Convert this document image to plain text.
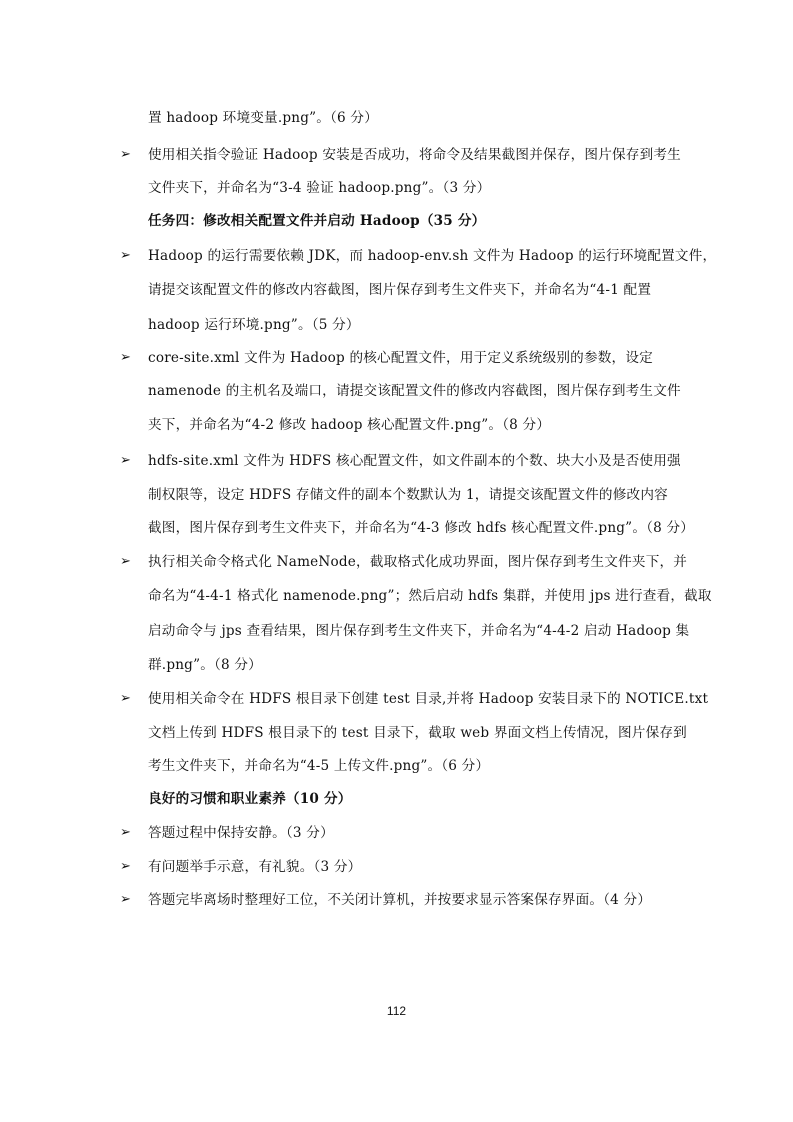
置 hadoop 环境变量.png”。（6 分）
➢ 使用相关指令验证 Hadoop 安装是否成功，将命令及结果截图并保存，图片保存到考生
文件夹下，并命名为“3-4 验证 hadoop.png”。（3 分）
任务四：修改相关配置文件并启动 Hadoop（35 分）
➢ Hadoop 的运行需要依赖 JDK，而 hadoop-env.sh 文件为 Hadoop 的运行环境配置文件，
请提交该配置文件的修改内容截图，图片保存到考生文件夹下，并命名为“4-1 配置
hadoop 运行环境.png”。（5 分）
➢ core-site.xml 文件为 Hadoop 的核心配置文件，用于定义系统级别的参数，设定
namenode 的主机名及端口，请提交该配置文件的修改内容截图，图片保存到考生文件
夹下，并命名为“4-2 修改 hadoop 核心配置文件.png”。（8 分）
➢ hdfs-site.xml 文件为 HDFS 核心配置文件，如文件副本的个数、块大小及是否使用强
制权限等，设定 HDFS 存储文件的副本个数默认为 1，请提交该配置文件的修改内容
截图，图片保存到考生文件夹下，并命名为“4-3 修改 hdfs 核心配置文件.png”。（8 分）
➢ 执行相关命令格式化 NameNode，截取格式化成功界面，图片保存到考生文件夹下，并
命名为“4-4-1 格式化 namenode.png”；然后启动 hdfs 集群，并使用 jps 进行查看，截取
启动命令与 jps 查看结果，图片保存到考生文件夹下，并命名为“4-4-2 启动 Hadoop 集
群.png”。（8 分）
➢ 使用相关命令在 HDFS 根目录下创建 test 目录,并将 Hadoop 安装目录下的 NOTICE.txt
文档上传到 HDFS 根目录下的 test 目录下，截取 web 界面文档上传情况，图片保存到
考生文件夹下，并命名为“4-5 上传文件.png”。（6 分）
良好的习惯和职业素养（10 分）
➢ 答题过程中保持安静。（3 分）
➢ 有问题举手示意，有礼貌。（3 分）
➢ 答题完毕离场时整理好工位，不关闭计算机，并按要求显示答案保存界面。（4 分）
112
